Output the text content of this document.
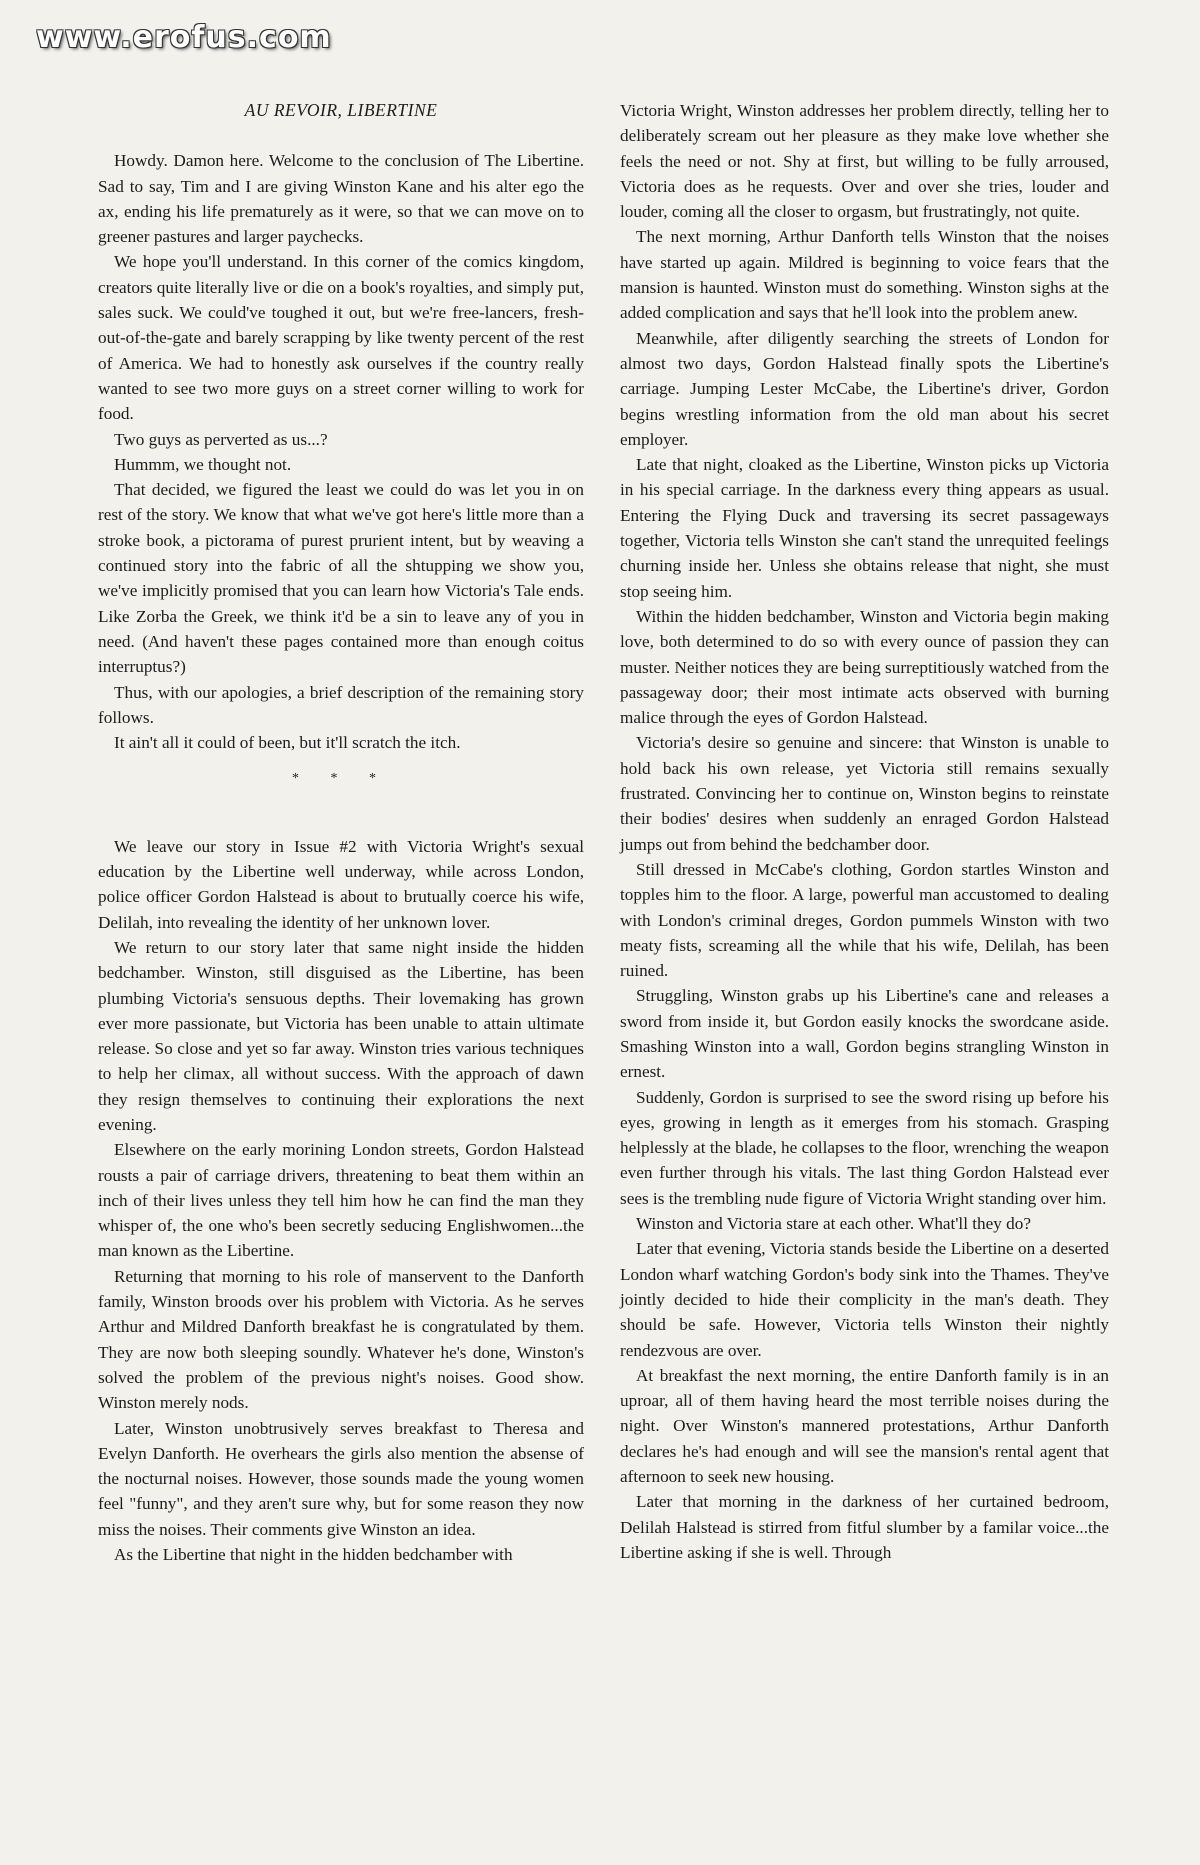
www.erofus.com
AU REVOIR, LIBERTINE

Howdy. Damon here. Welcome to the conclusion of The Libertine. Sad to say, Tim and I are giving Winston Kane and his alter ego the ax, ending his life prematurely as it were, so that we can move on to greener pastures and larger paychecks.

We hope you'll understand. In this corner of the comics kingdom, creators quite literally live or die on a book's royalties, and simply put, sales suck. We could've toughed it out, but we're free-lancers, fresh-out-of-the-gate and barely scrapping by like twenty percent of the rest of America. We had to honestly ask ourselves if the country really wanted to see two more guys on a street corner willing to work for food.

Two guys as perverted as us...?

Hummm, we thought not.

That decided, we figured the least we could do was let you in on rest of the story. We know that what we've got here's little more than a stroke book, a pictorama of purest prurient intent, but by weaving a continued story into the fabric of all the shtupping we show you, we've implicitly promised that you can learn how Victoria's Tale ends. Like Zorba the Greek, we think it'd be a sin to leave any of you in need. (And haven't these pages contained more than enough coitus interruptus?)

Thus, with our apologies, a brief description of the remaining story follows.

It ain't all it could of been, but it'll scratch the itch.

* * *

We leave our story in Issue #2 with Victoria Wright's sexual education by the Libertine well underway, while across London, police officer Gordon Halstead is about to brutually coerce his wife, Delilah, into revealing the identity of her unknown lover.

We return to our story later that same night inside the hidden bedchamber. Winston, still disguised as the Libertine, has been plumbing Victoria's sensuous depths. Their lovemaking has grown ever more passionate, but Victoria has been unable to attain ultimate release. So close and yet so far away. Winston tries various techniques to help her climax, all without success. With the approach of dawn they resign themselves to continuing their explorations the next evening.

Elsewhere on the early morining London streets, Gordon Halstead rousts a pair of carriage drivers, threatening to beat them within an inch of their lives unless they tell him how he can find the man they whisper of, the one who's been secretly seducing Englishwomen...the man known as the Libertine.

Returning that morning to his role of manservent to the Danforth family, Winston broods over his problem with Victoria. As he serves Arthur and Mildred Danforth breakfast he is congratulated by them. They are now both sleeping soundly. Whatever he's done, Winston's solved the problem of the previous night's noises. Good show. Winston merely nods.

Later, Winston unobtrusively serves breakfast to Theresa and Evelyn Danforth. He overhears the girls also mention the absense of the nocturnal noises. However, those sounds made the young women feel "funny", and they aren't sure why, but for some reason they now miss the noises. Their comments give Winston an idea.

As the Libertine that night in the hidden bedchamber with

Victoria Wright, Winston addresses her problem directly, telling her to deliberately scream out her pleasure as they make love whether she feels the need or not. Shy at first, but willing to be fully arroused, Victoria does as he requests. Over and over she tries, louder and louder, coming all the closer to orgasm, but frustratingly, not quite.

The next morning, Arthur Danforth tells Winston that the noises have started up again. Mildred is beginning to voice fears that the mansion is haunted. Winston must do something. Winston sighs at the added complication and says that he'll look into the problem anew.

Meanwhile, after diligently searching the streets of London for almost two days, Gordon Halstead finally spots the Libertine's carriage. Jumping Lester McCabe, the Libertine's driver, Gordon begins wrestling information from the old man about his secret employer.

Late that night, cloaked as the Libertine, Winston picks up Victoria in his special carriage. In the darkness every thing appears as usual. Entering the Flying Duck and traversing its secret passageways together, Victoria tells Winston she can't stand the unrequited feelings churning inside her. Unless she obtains release that night, she must stop seeing him.

Within the hidden bedchamber, Winston and Victoria begin making love, both determined to do so with every ounce of passion they can muster. Neither notices they are being surreptitiously watched from the passageway door; their most intimate acts observed with burning malice through the eyes of Gordon Halstead.

Victoria's desire so genuine and sincere: that Winston is unable to hold back his own release, yet Victoria still remains sexually frustrated. Convincing her to continue on, Winston begins to reinstate their bodies' desires when suddenly an enraged Gordon Halstead jumps out from behind the bedchamber door.

Still dressed in McCabe's clothing, Gordon startles Winston and topples him to the floor. A large, powerful man accustomed to dealing with London's criminal dreges, Gordon pummels Winston with two meaty fists, screaming all the while that his wife, Delilah, has been ruined.

Struggling, Winston grabs up his Libertine's cane and releases a sword from inside it, but Gordon easily knocks the swordcane aside. Smashing Winston into a wall, Gordon begins strangling Winston in ernest.

Suddenly, Gordon is surprised to see the sword rising up before his eyes, growing in length as it emerges from his stomach. Grasping helplessly at the blade, he collapses to the floor, wrenching the weapon even further through his vitals. The last thing Gordon Halstead ever sees is the trembling nude figure of Victoria Wright standing over him.

Winston and Victoria stare at each other. What'll they do?

Later that evening, Victoria stands beside the Libertine on a deserted London wharf watching Gordon's body sink into the Thames. They've jointly decided to hide their complicity in the man's death. They should be safe. However, Victoria tells Winston their nightly rendezvous are over.

At breakfast the next morning, the entire Danforth family is in an uproar, all of them having heard the most terrible noises during the night. Over Winston's mannered protestations, Arthur Danforth declares he's had enough and will see the mansion's rental agent that afternoon to seek new housing.

Later that morning in the darkness of her curtained bedroom, Delilah Halstead is stirred from fitful slumber by a familar voice...the Libertine asking if she is well. Through
